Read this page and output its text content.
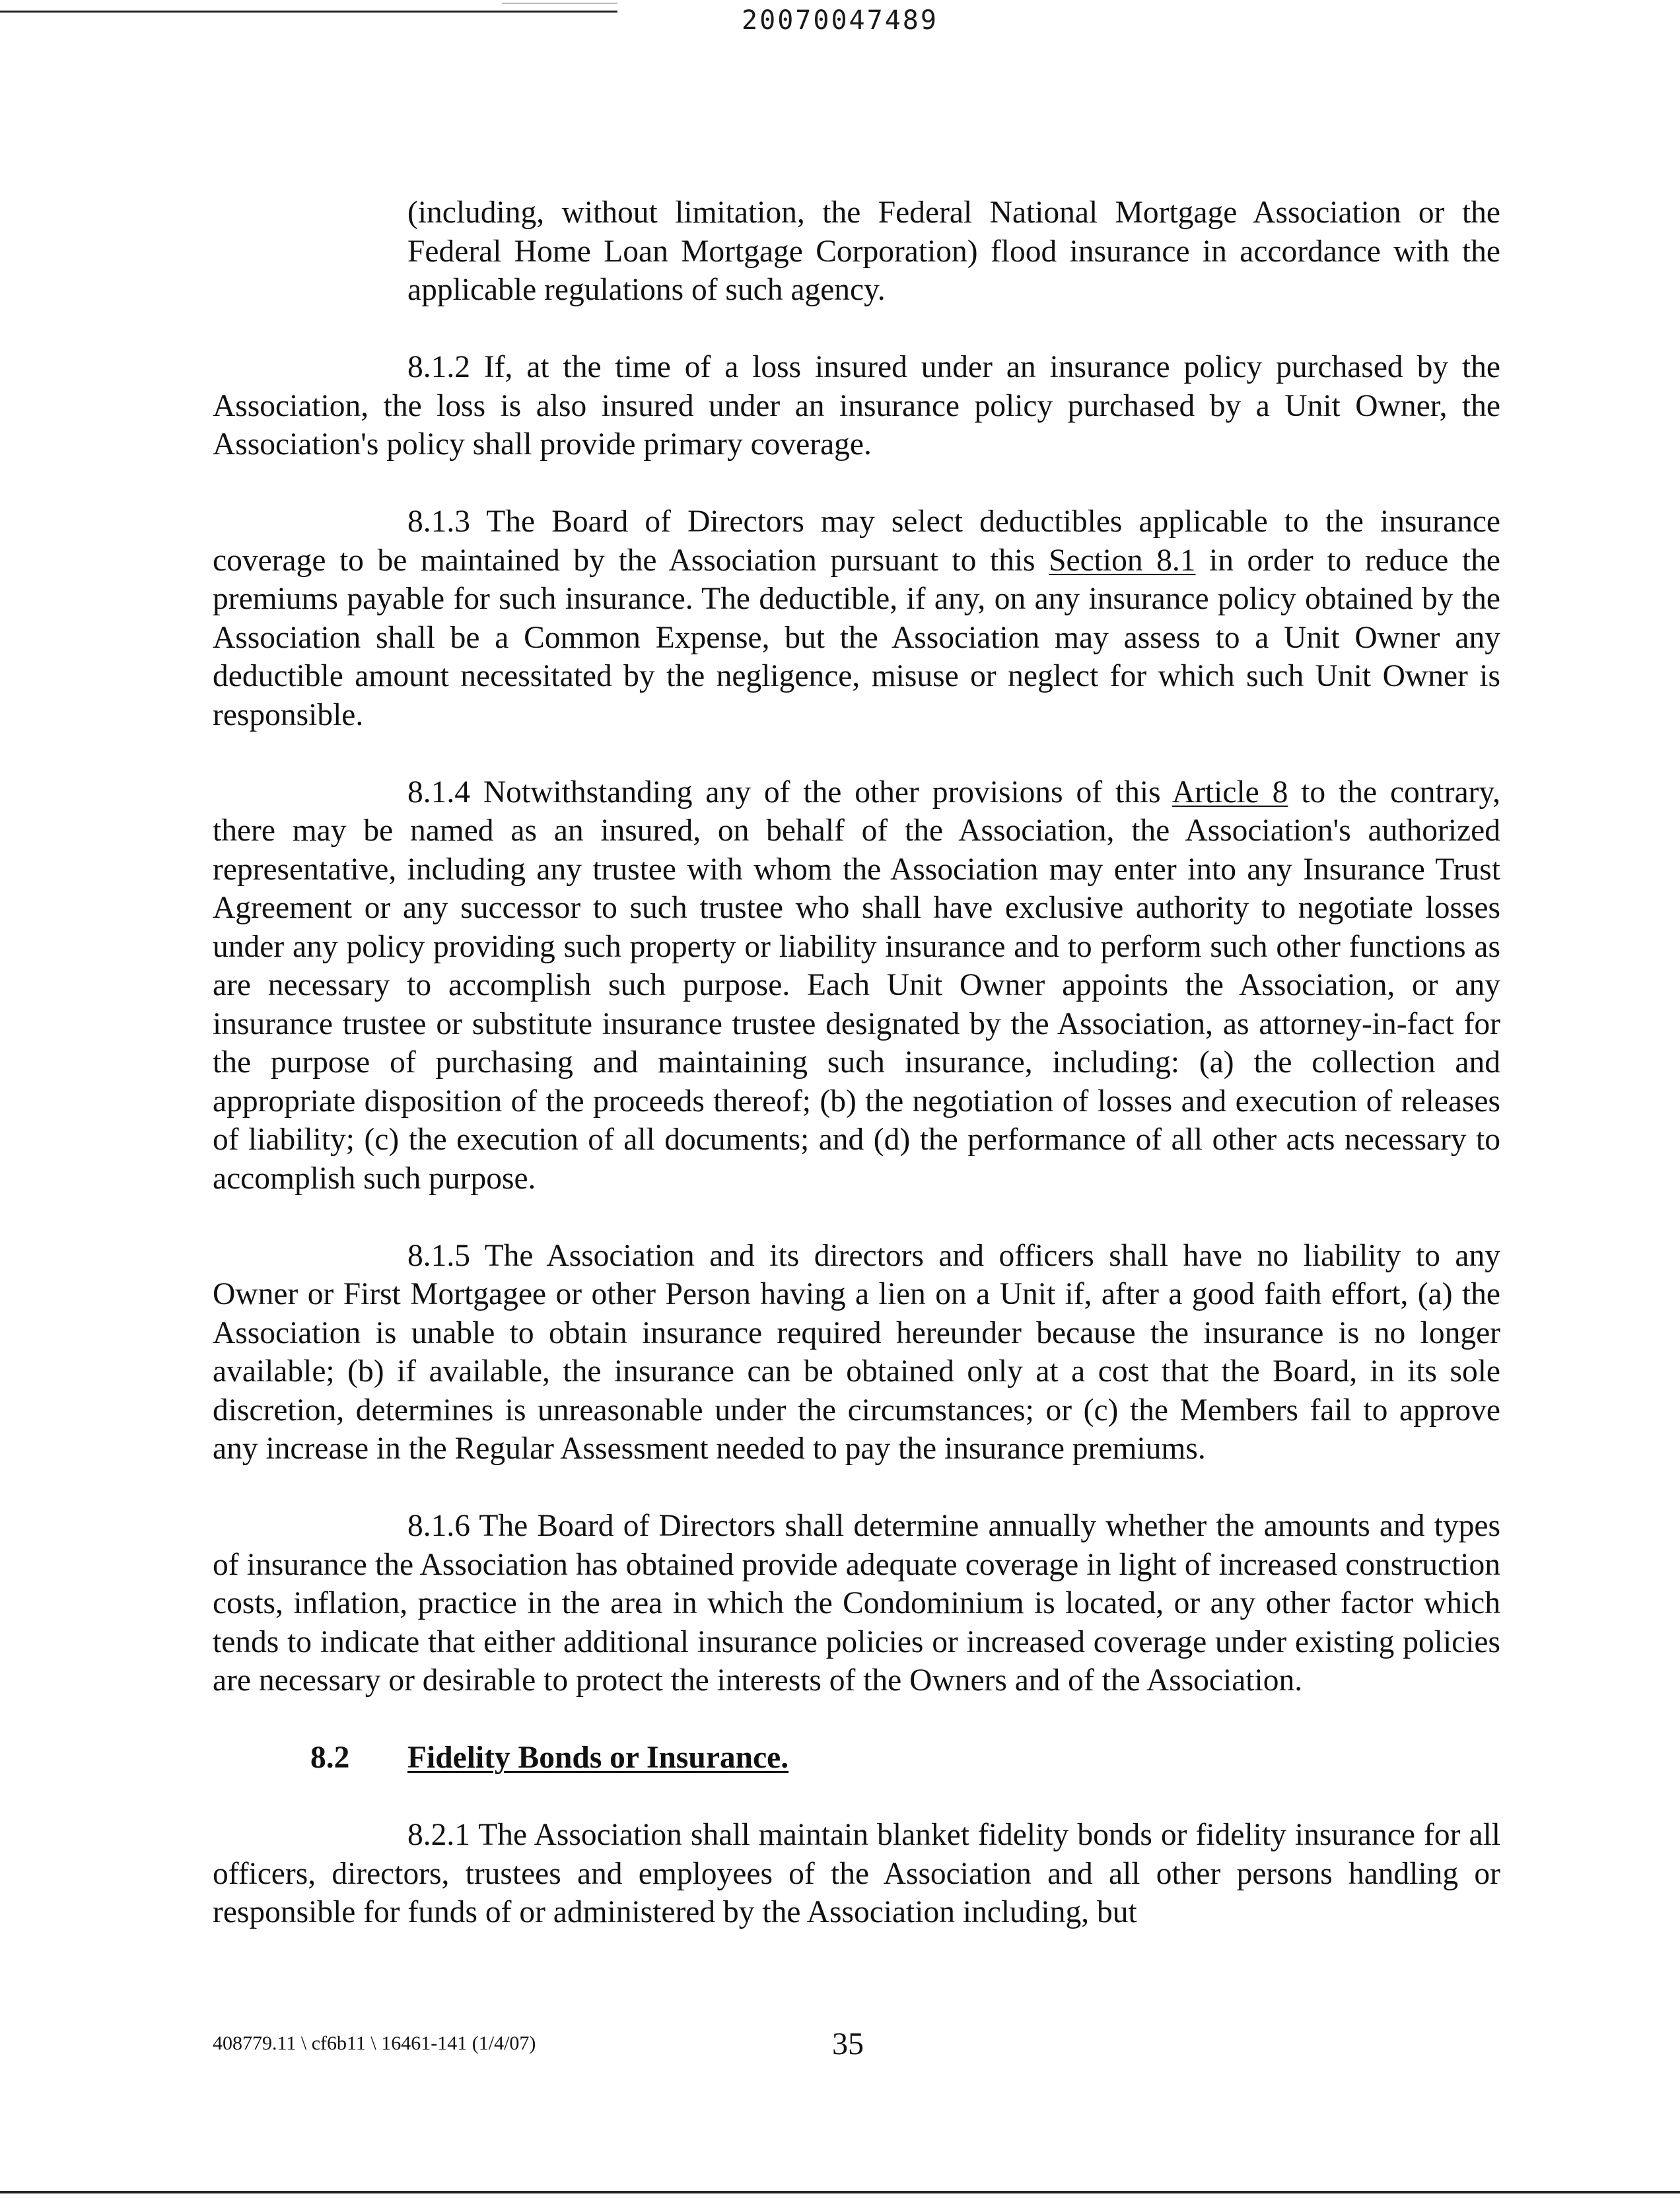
20070047489

(including, without limitation, the Federal National Mortgage Association or the Federal Home Loan Mortgage Corporation) flood insurance in accordance with the applicable regulations of such agency.

8.1.2 If, at the time of a loss insured under an insurance policy purchased by the Association, the loss is also insured under an insurance policy purchased by a Unit Owner, the Association's policy shall provide primary coverage.

8.1.3 The Board of Directors may select deductibles applicable to the insurance coverage to be maintained by the Association pursuant to this Section 8.1 in order to reduce the premiums payable for such insurance. The deductible, if any, on any insurance policy obtained by the Association shall be a Common Expense, but the Association may assess to a Unit Owner any deductible amount necessitated by the negligence, misuse or neglect for which such Unit Owner is responsible.

8.1.4 Notwithstanding any of the other provisions of this Article 8 to the contrary, there may be named as an insured, on behalf of the Association, the Association's authorized representative, including any trustee with whom the Association may enter into any Insurance Trust Agreement or any successor to such trustee who shall have exclusive authority to negotiate losses under any policy providing such property or liability insurance and to perform such other functions as are necessary to accomplish such purpose. Each Unit Owner appoints the Association, or any insurance trustee or substitute insurance trustee designated by the Association, as attorney-in-fact for the purpose of purchasing and maintaining such insurance, including: (a) the collection and appropriate disposition of the proceeds thereof; (b) the negotiation of losses and execution of releases of liability; (c) the execution of all documents; and (d) the performance of all other acts necessary to accomplish such purpose.

8.1.5 The Association and its directors and officers shall have no liability to any Owner or First Mortgagee or other Person having a lien on a Unit if, after a good faith effort, (a) the Association is unable to obtain insurance required hereunder because the insurance is no longer available; (b) if available, the insurance can be obtained only at a cost that the Board, in its sole discretion, determines is unreasonable under the circumstances; or (c) the Members fail to approve any increase in the Regular Assessment needed to pay the insurance premiums.

8.1.6 The Board of Directors shall determine annually whether the amounts and types of insurance the Association has obtained provide adequate coverage in light of increased construction costs, inflation, practice in the area in which the Condominium is located, or any other factor which tends to indicate that either additional insurance policies or increased coverage under existing policies are necessary or desirable to protect the interests of the Owners and of the Association.

8.2 Fidelity Bonds or Insurance.

8.2.1 The Association shall maintain blanket fidelity bonds or fidelity insurance for all officers, directors, trustees and employees of the Association and all other persons handling or responsible for funds of or administered by the Association including, but

408779.11 \ cf6b11 \ 16461-141 (1/4/07)	35
